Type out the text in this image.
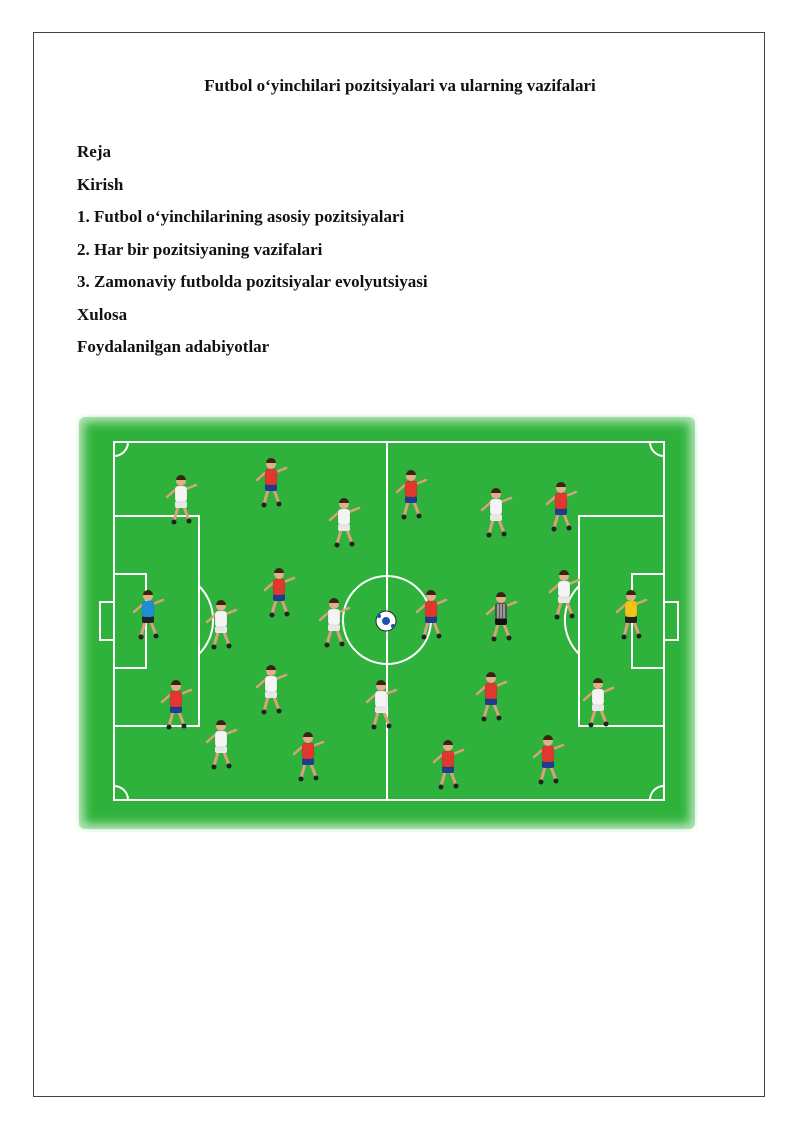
Futbol o‘yinchilari pozitsiyalari va ularning vazifalari
Reja
Kirish
1. Futbol o‘yinchilarining asosiy pozitsiyalari
2. Har bir pozitsiyaning vazifalari
3. Zamonaviy futbolda pozitsiyalar evolyutsiyasi
Xulosa
Foydalanilgan adabiyotlar
